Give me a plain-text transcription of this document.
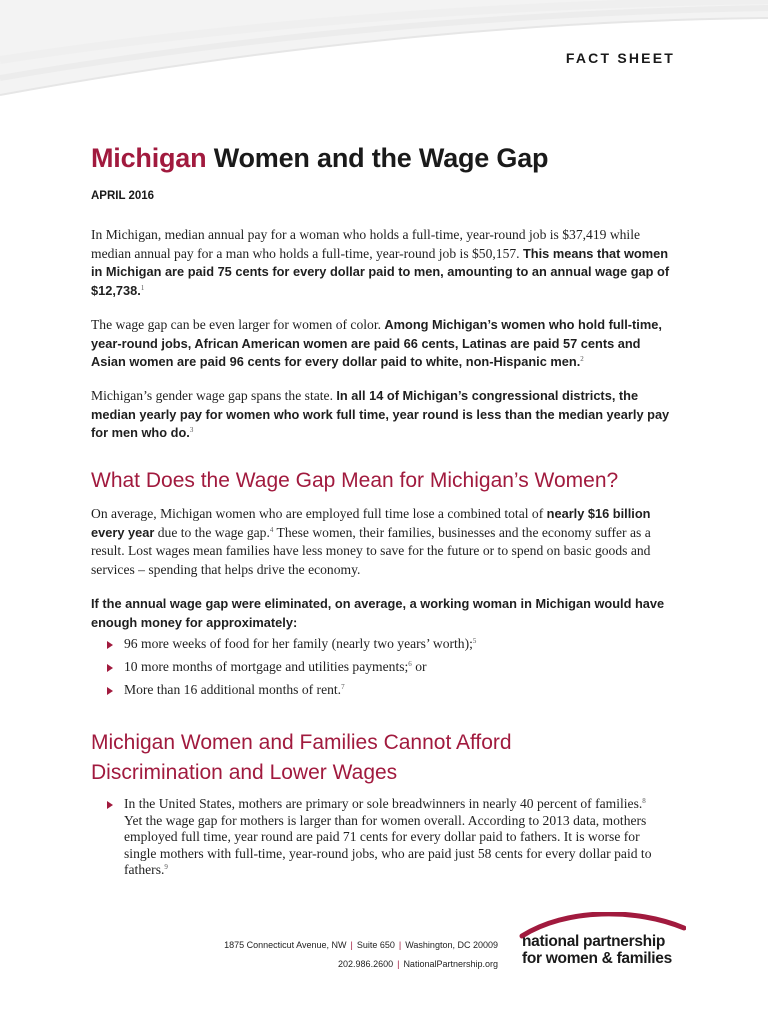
FACT SHEET
Michigan Women and the Wage Gap
APRIL 2016

In Michigan, median annual pay for a woman who holds a full-time, year-round job is $37,419 while median annual pay for a man who holds a full-time, year-round job is $50,157. This means that women in Michigan are paid 75 cents for every dollar paid to men, amounting to an annual wage gap of $12,738.$^1$

The wage gap can be even larger for women of color. Among Michigan’s women who hold full-time, year-round jobs, African American women are paid 66 cents, Latinas are paid 57 cents and Asian women are paid 96 cents for every dollar paid to white, non-Hispanic men.$^2$

Michigan’s gender wage gap spans the state. In all 14 of Michigan’s congressional districts, the median yearly pay for women who work full time, year round is less than the median yearly pay for men who do.$^3$

What Does the Wage Gap Mean for Michigan’s Women?

On average, Michigan women who are employed full time lose a combined total of nearly $16 billion every year due to the wage gap.$^4$ These women, their families, businesses and the economy suffer as a result. Lost wages mean families have less money to save for the future or to spend on basic goods and services – spending that helps drive the economy.

If the annual wage gap were eliminated, on average, a working woman in Michigan would have enough money for approximately:

96 more weeks of food for her family (nearly two years’ worth);$^5$
10 more months of mortgage and utilities payments;$^6$ or
More than 16 additional months of rent.$^7$
Michigan Women and Families Cannot Afford
Discrimination and Lower Wages
In the United States, mothers are primary or sole breadwinners in nearly 40 percent of families.$^8$ Yet the wage gap for mothers is larger than for women overall. According to 2013 data, mothers employed full time, year round are paid 71 cents for every dollar paid to fathers. It is worse for single mothers with full-time, year-round jobs, who are paid just 58 cents for every dollar paid to fathers.$^9$
1875 Connecticut Avenue, NW | Suite 650 | Washington, DC 20009
202.986.2600 | NationalPartnership.org
national partnership
for women & families
